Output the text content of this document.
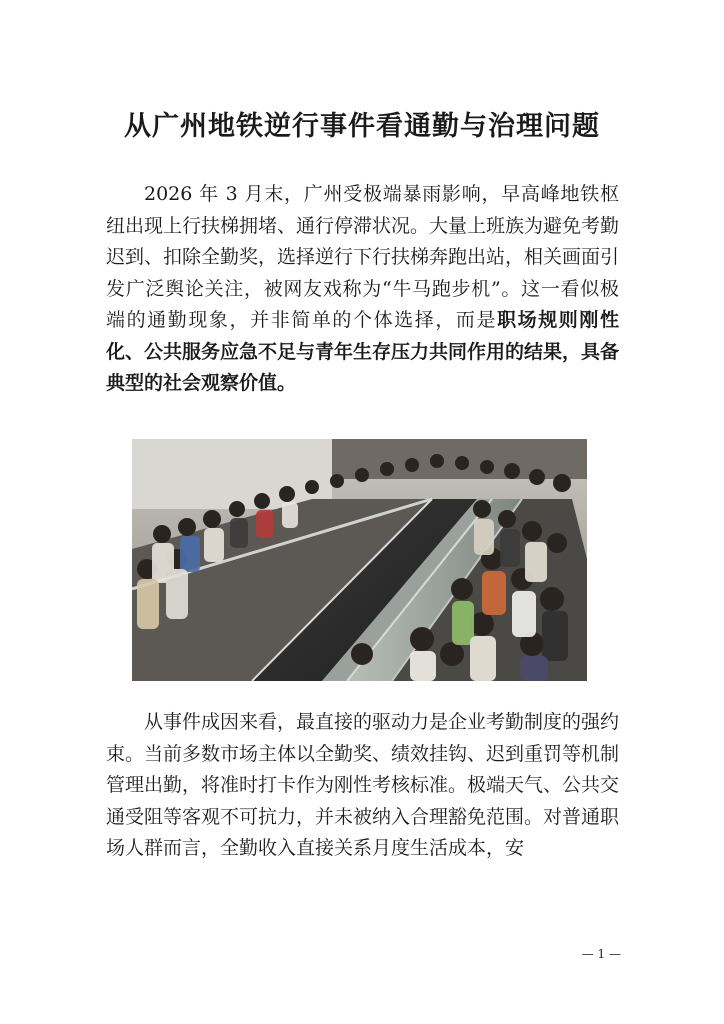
从广州地铁逆行事件看通勤与治理问题

2026 年 3 月末，广州受极端暴雨影响，早高峰地铁枢纽出现上行扶梯拥堵、通行停滞状况。大量上班族为避免考勤迟到、扣除全勤奖，选择逆行下行扶梯奔跑出站，相关画面引发广泛舆论关注，被网友戏称为“牛马跑步机”。这一看似极端的通勤现象，并非简单的个体选择，而是职场规则刚性化、公共服务应急不足与青年生存压力共同作用的结果，具备典型的社会观察价值。

从事件成因来看，最直接的驱动力是企业考勤制度的强约束。当前多数市场主体以全勤奖、绩效挂钩、迟到重罚等机制管理出勤，将准时打卡作为刚性考核标准。极端天气、公共交通受阻等客观不可抗力，并未被纳入合理豁免范围。对普通职场人群而言，全勤收入直接关系月度生活成本，安

— 1 —
